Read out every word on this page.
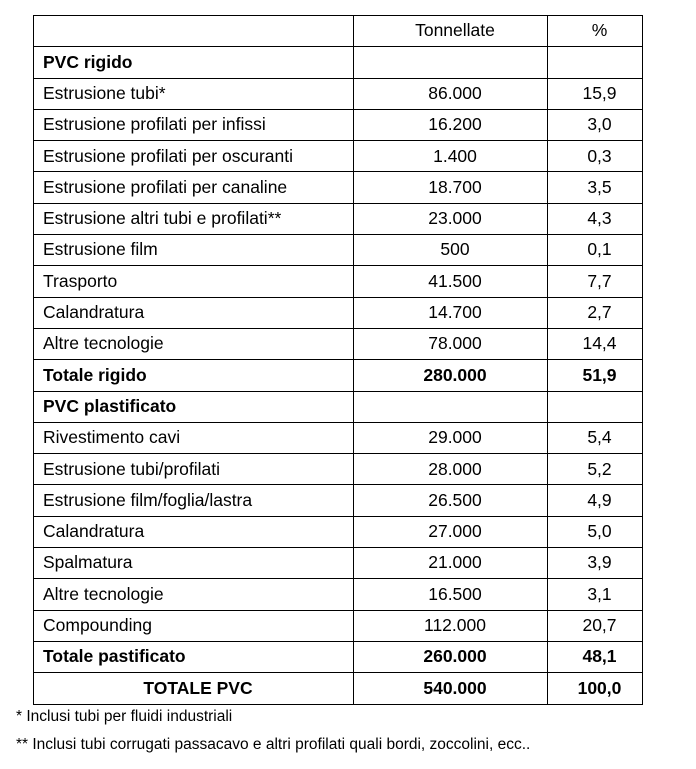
	Tonnellate	%
PVC rigido		
Estrusione tubi*	86.000	15,9
Estrusione profilati per infissi	16.200	3,0
Estrusione profilati per oscuranti	1.400	0,3
Estrusione profilati per canaline	18.700	3,5
Estrusione altri tubi e profilati**	23.000	4,3
Estrusione film	500	0,1
Trasporto	41.500	7,7
Calandratura	14.700	2,7
Altre tecnologie	78.000	14,4
Totale rigido	280.000	51,9
PVC plastificato		
Rivestimento cavi	29.000	5,4
Estrusione tubi/profilati	28.000	5,2
Estrusione film/foglia/lastra	26.500	4,9
Calandratura	27.000	5,0
Spalmatura	21.000	3,9
Altre tecnologie	16.500	3,1
Compounding	112.000	20,7
Totale pastificato	260.000	48,1
TOTALE PVC	540.000	100,0
* Inclusi tubi per fluidi industriali
** Inclusi tubi corrugati passacavo e altri profilati quali bordi, zoccolini, ecc..
